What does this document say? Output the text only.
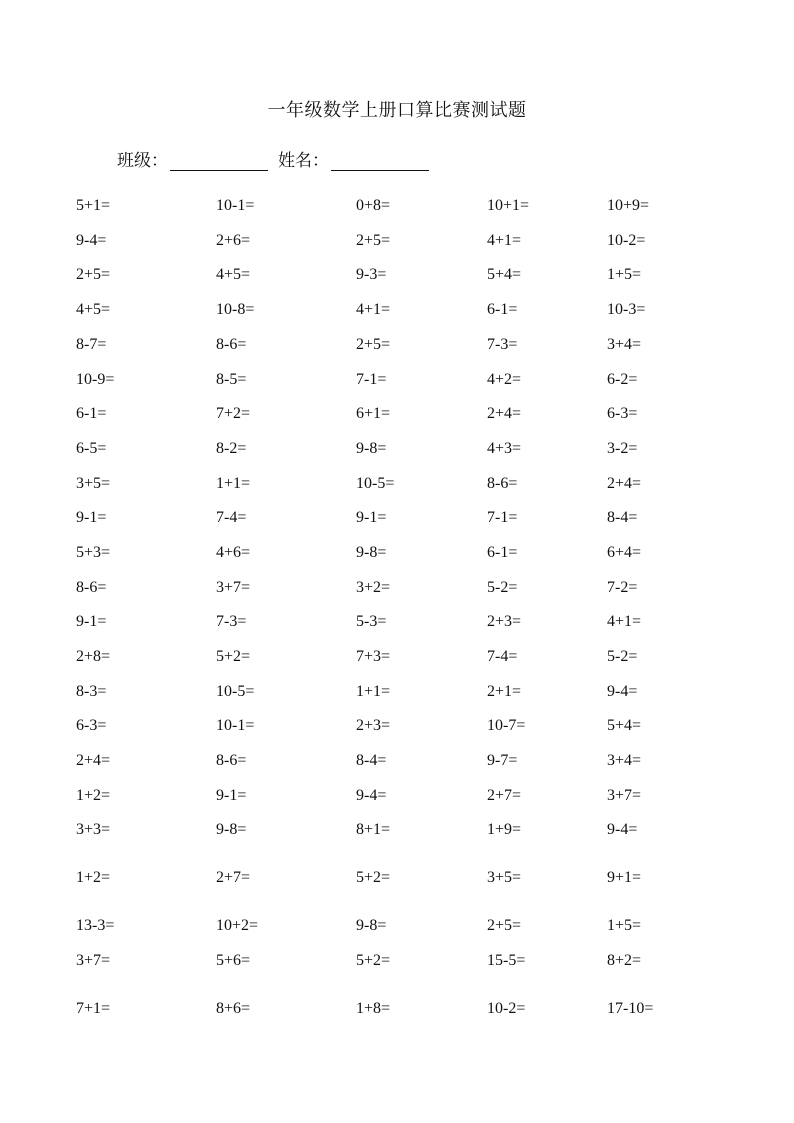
一年级数学上册口算比赛测试题
班级：	姓名：
5+1=	10-1=	0+8=	10+1=	10+9=
9-4=	2+6=	2+5=	4+1=	10-2=
2+5=	4+5=	9-3=	5+4=	1+5=
4+5=	10-8=	4+1=	6-1=	10-3=
8-7=	8-6=	2+5=	7-3=	3+4=
10-9=	8-5=	7-1=	4+2=	6-2=
6-1=	7+2=	6+1=	2+4=	6-3=
6-5=	8-2=	9-8=	4+3=	3-2=
3+5=	1+1=	10-5=	8-6=	2+4=
9-1=	7-4=	9-1=	7-1=	8-4=
5+3=	4+6=	9-8=	6-1=	6+4=
8-6=	3+7=	3+2=	5-2=	7-2=
9-1=	7-3=	5-3=	2+3=	4+1=
2+8=	5+2=	7+3=	7-4=	5-2=
8-3=	10-5=	1+1=	2+1=	9-4=
6-3=	10-1=	2+3=	10-7=	5+4=
2+4=	8-6=	8-4=	9-7=	3+4=
1+2=	9-1=	9-4=	2+7=	3+7=
3+3=	9-8=	8+1=	1+9=	9-4=
1+2=	2+7=	5+2=	3+5=	9+1=
13-3=	10+2=	9-8=	2+5=	1+5=
3+7=	5+6=	5+2=	15-5=	8+2=
7+1=	8+6=	1+8=	10-2=	17-10=
